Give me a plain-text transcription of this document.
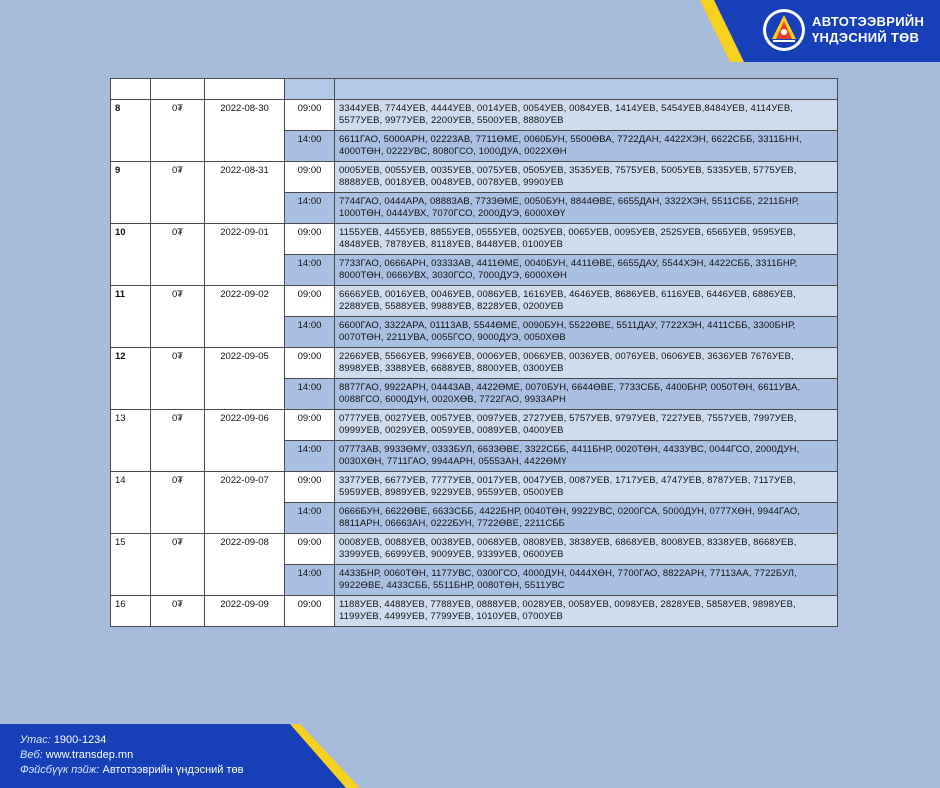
АВТОТЭЭВРИЙН
ҮНДЭСНИЙ ТӨВ

8	0₮	2022-08-30	09:00	3344УЕВ, 7744УЕВ, 4444УЕВ, 0014УЕВ, 0054УЕВ, 0084УЕВ, 1414УЕВ, 5454УЕВ,8484УЕВ, 4114УЕВ, 5577УЕВ, 9977УЕВ, 2200УЕВ, 5500УЕВ, 8880УЕВ
			14:00	6611ГАО, 5000АРН, 02223АВ, 7711ӨМЕ, 0060БУН, 5500ӨВА, 7722ДАН, 4422ХЭН, 6622СББ, 3311БНН, 4000ТӨН, 0222УВС, 8080ГСО, 1000ДУА, 0022ХӨН
9	0₮	2022-08-31	09:00	0005УЕВ, 0055УЕВ, 0035УЕВ, 0075УЕВ, 0505УЕВ, 3535УЕВ, 7575УЕВ, 5005УЕВ, 5335УЕВ, 5775УЕВ, 8888УЕВ, 0018УЕВ, 0048УЕВ, 0078УЕВ, 9990УЕВ
			14:00	7744ГАО, 0444АРА, 08883АВ, 7733ӨМЕ, 0050БУН, 8844ӨВЕ, 6655ДАН, 3322ХЭН, 5511СББ, 2211БНР, 1000ТӨН, 0444УВХ, 7070ГСО, 2000ДУЭ, 6000ХӨҮ
10	0₮	2022-09-01	09:00	1155УЕВ, 4455УЕВ, 8855УЕВ, 0555УЕВ, 0025УЕВ, 0065УЕВ, 0095УЕВ, 2525УЕВ, 6565УЕВ, 9595УЕВ, 4848УЕВ, 7878УЕВ, 8118УЕВ, 8448УЕВ, 0100УЕВ
			14:00	7733ГАО, 0666АРН, 03333АВ, 4411ӨМЕ, 0040БУН, 4411ӨВЕ, 6655ДАУ, 5544ХЭН, 4422СББ, 3311БНР, 8000ТӨН, 0666УВХ, 3030ГСО, 7000ДУЭ, 6000ХӨН
11	0₮	2022-09-02	09:00	6666УЕВ, 0016УЕВ, 0046УЕВ, 0086УЕВ, 1616УЕВ, 4646УЕВ, 8686УЕВ, 6116УЕВ, 6446УЕВ, 6886УЕВ, 2288УЕВ, 5588УЕВ, 9988УЕВ, 8228УЕВ, 0200УЕВ
			14:00	6600ГАО, 3322АРА, 01113АВ, 5544ӨМЕ, 0090БУН, 5522ӨВЕ, 5511ДАУ, 7722ХЭН, 4411СББ, 3300БНР, 0070ТӨН, 2211УВА, 0055ГСО, 9000ДУЭ, 0050ХӨВ
12	0₮	2022-09-05	09:00	2266УЕВ, 5566УЕВ, 9966УЕВ, 0006УЕВ, 0066УЕВ, 0036УЕВ, 0076УЕВ, 0606УЕВ, 3636УЕВ 7676УЕВ, 8998УЕВ, 3388УЕВ, 6688УЕВ, 8800УЕВ, 0300УЕВ
			14:00	8877ГАО, 9922АРН, 04443АВ, 4422ӨМЕ, 0070БУН, 6644ӨВЕ, 7733СББ, 4400БНР, 0050ТӨН, 6611УВА, 0088ГСО, 6000ДУН, 0020ХӨВ, 7722ГАО, 9933АРН
13	0₮	2022-09-06	09:00	0777УЕВ, 0027УЕВ, 0057УЕВ, 0097УЕВ, 2727УЕВ, 5757УЕВ, 9797УЕВ, 7227УЕВ, 7557УЕВ, 7997УЕВ, 0999УЕВ, 0029УЕВ, 0059УЕВ, 0089УЕВ, 0400УЕВ
			14:00	07773АВ, 9933ӨМҮ, 0333БУЛ, 6633ӨВЕ, 3322СББ, 4411БНР, 0020ТӨН, 4433УВС, 0044ГСО, 2000ДУН, 0030ХӨН, 7711ГАО, 9944АРН, 05553АН, 4422ӨМҮ
14	0₮	2022-09-07	09:00	3377УЕВ, 6677УЕВ, 7777УЕВ, 0017УЕВ, 0047УЕВ, 0087УЕВ, 1717УЕВ, 4747УЕВ, 8787УЕВ, 7117УЕВ, 5959УЕВ, 8989УЕВ, 9229УЕВ, 9559УЕВ, 0500УЕВ
			14:00	0666БУН, 6622ӨВЕ, 6633СББ, 4422БНР, 0040ТӨН, 9922УВС, 0200ГСА, 5000ДУН, 0777ХӨН, 9944ГАО, 8811АРН, 06663АН, 0222БУН, 7722ӨВЕ, 2211СББ
15	0₮	2022-09-08	09:00	0008УЕВ, 0088УЕВ, 0038УЕВ, 0068УЕВ, 0808УЕВ, 3838УЕВ, 6868УЕВ, 8008УЕВ, 8338УЕВ, 8668УЕВ, 3399УЕВ, 6699УЕВ, 9009УЕВ, 9339УЕВ, 0600УЕВ
			14:00	4433БНР, 0060ТӨН, 1177УВС, 0300ГСО, 4000ДУН, 0444ХӨН, 7700ГАО, 8822АРН, 77113АА, 7722БУЛ, 9922ӨВЕ, 4433СББ, 5511БНР, 0080ТӨН, 5511УВС
16	0₮	2022-09-09	09:00	1188УЕВ, 4488УЕВ, 7788УЕВ, 0888УЕВ, 0028УЕВ, 0058УЕВ, 0098УЕВ, 2828УЕВ, 5858УЕВ, 9898УЕВ, 1199УЕВ, 4499УЕВ, 7799УЕВ, 1010УЕВ, 0700УЕВ
Утас: 1900-1234
Веб: www.transdep.mn
Фэйсбүүк пэйж: Автотээврийн үндэсний төв
